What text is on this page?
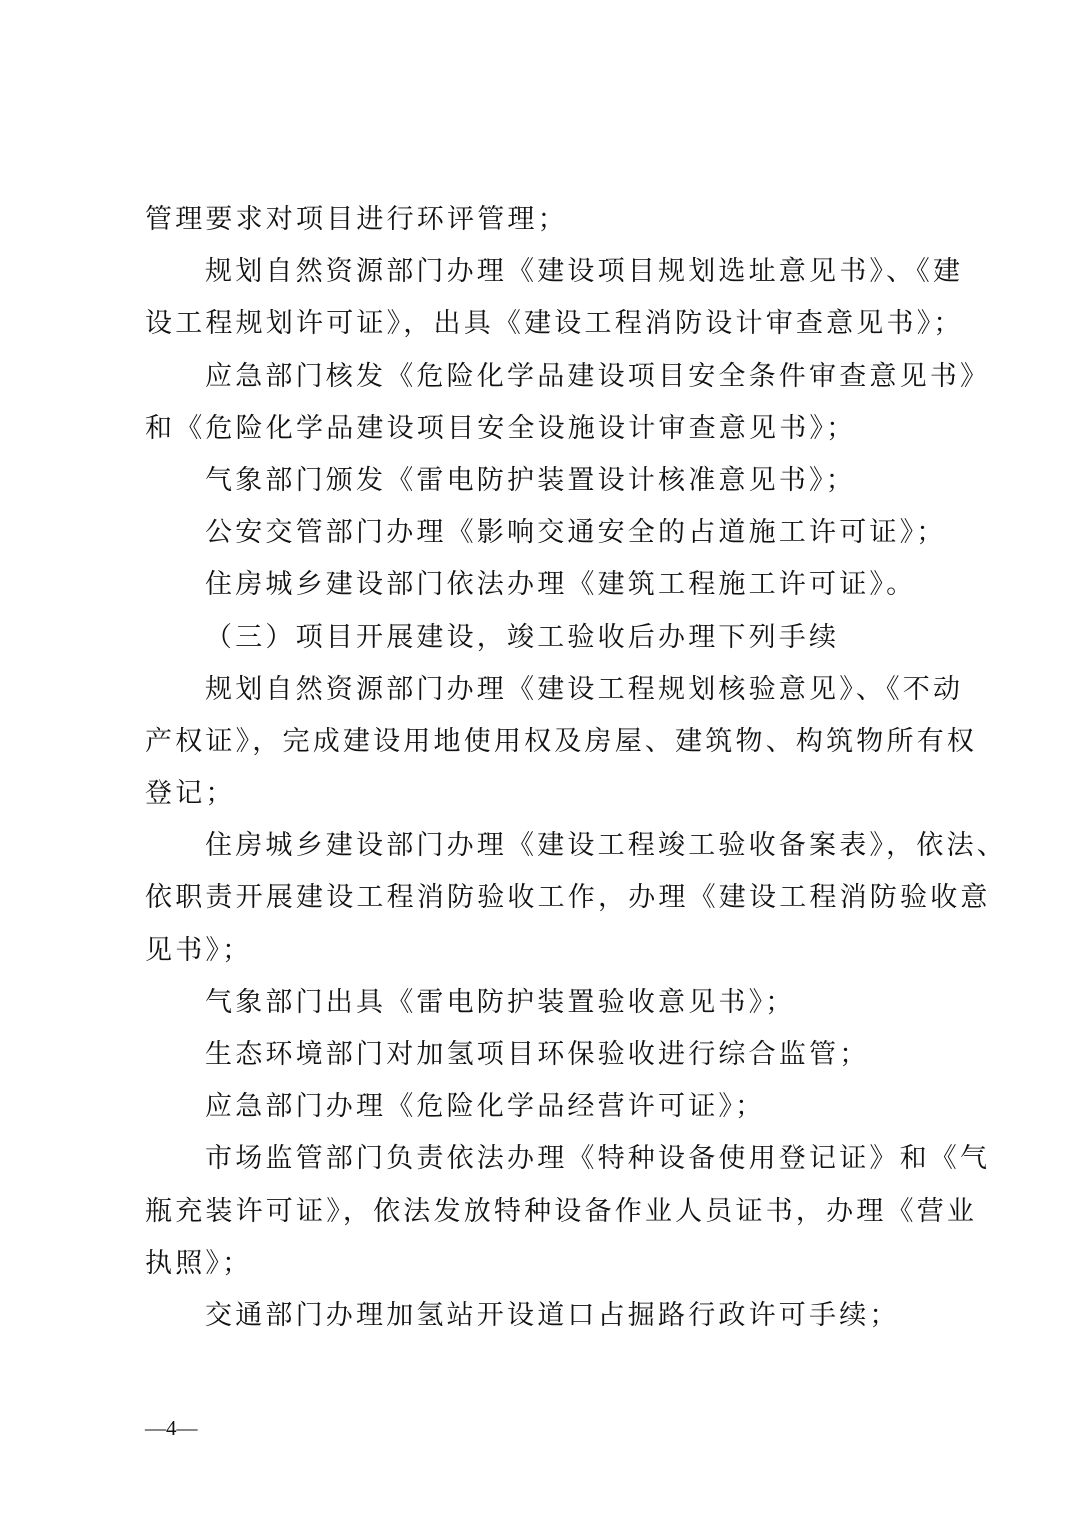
管理要求对项目进行环评管理；
规划自然资源部门办理《建设项目规划选址意见书》、《建
设工程规划许可证》，出具《建设工程消防设计审查意见书》；
应急部门核发《危险化学品建设项目安全条件审查意见书》
和《危险化学品建设项目安全设施设计审查意见书》；
气象部门颁发《雷电防护装置设计核准意见书》；
公安交管部门办理《影响交通安全的占道施工许可证》；
住房城乡建设部门依法办理《建筑工程施工许可证》。
（三）项目开展建设，竣工验收后办理下列手续
规划自然资源部门办理《建设工程规划核验意见》、《不动
产权证》，完成建设用地使用权及房屋、建筑物、构筑物所有权
登记；
住房城乡建设部门办理《建设工程竣工验收备案表》，依法、
依职责开展建设工程消防验收工作，办理《建设工程消防验收意
见书》；
气象部门出具《雷电防护装置验收意见书》；
生态环境部门对加氢项目环保验收进行综合监管；
应急部门办理《危险化学品经营许可证》；
市场监管部门负责依法办理《特种设备使用登记证》和《气
瓶充装许可证》，依法发放特种设备作业人员证书，办理《营业
执照》；
交通部门办理加氢站开设道口占掘路行政许可手续；
—4—
